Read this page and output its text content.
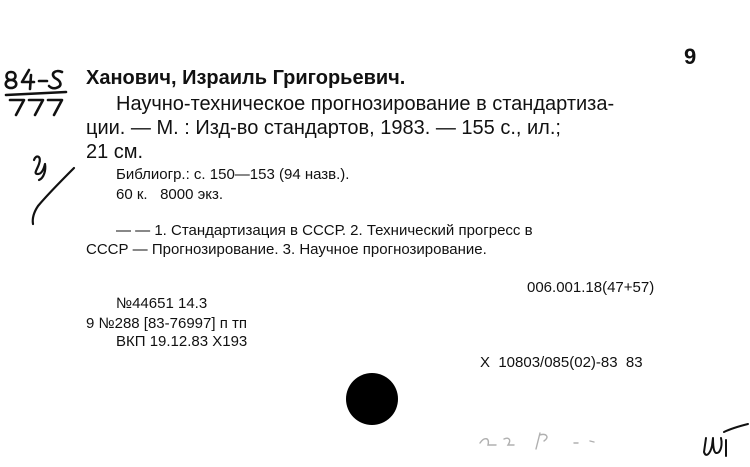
9
Ханович, Израиль Григорьевич.
Научно-техническое прогнозирование в стандартиза-
ции. — М. : Изд-во стандартов, 1983. — 155 с., ил.;
21 см.
Библиогр.: с. 150—153 (94 назв.).
60 к.   8000 экз.
— — 1. Стандартизация в СССР. 2. Технический прогресс в
СССР — Прогнозирование. 3. Научное прогнозирование.
006.001.18(47+57)
№44651 14.3
9 №288 [83-76997] п тп
ВКП 19.12.83 Х193
Х  10803/085(02)-83  83
